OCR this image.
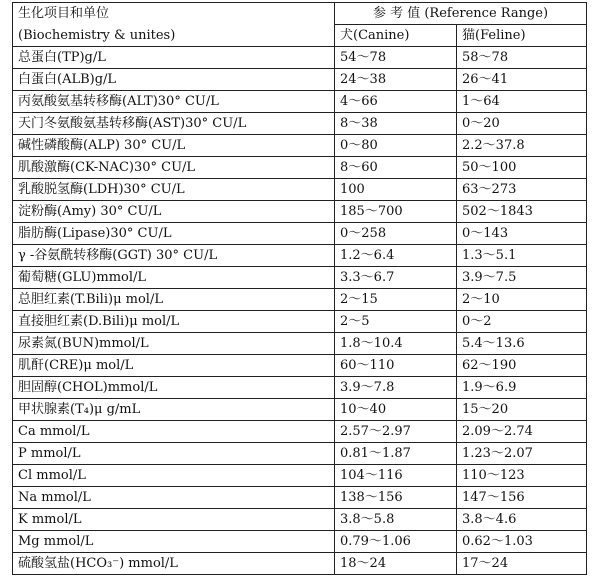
生化项目和单位	参 考 值 (Reference Range)	
(Biochemistry & unites)	犬(Canine)	猫(Feline)
总蛋白(TP)g/L	54～78	58～78
白蛋白(ALB)g/L	24～38	26～41
丙氨酸氨基转移酶(ALT)30° CU/L	4～66	1～64
天门冬氨酸氨基转移酶(AST)30° CU/L	8～38	0～20
碱性磷酸酶(ALP) 30° CU/L	0～80	2.2～37.8
肌酸激酶(CK-NAC)30° CU/L	8～60	50～100
乳酸脱氢酶(LDH)30° CU/L	100	63～273
淀粉酶(Amy) 30° CU/L	185～700	502～1843
脂肪酶(Lipase)30° CU/L	0～258	0～143
γ -谷氨酰转移酶(GGT) 30° CU/L	1.2～6.4	1.3～5.1
葡萄糖(GLU)mmol/L	3.3～6.7	3.9～7.5
总胆红素(T.Bili)μ mol/L	2～15	2～10
直接胆红素(D.Bili)μ mol/L	2～5	0～2
尿素氮(BUN)mmol/L	1.8～10.4	5.4～13.6
肌酐(CRE)μ mol/L	60～110	62～190
胆固醇(CHOL)mmol/L	3.9～7.8	1.9～6.9
甲状腺素(T₄)μ g/mL	10～40	15～20
Ca mmol/L	2.57～2.97	2.09～2.74
P mmol/L	0.81～1.87	1.23～2.07
Cl mmol/L	104～116	110～123
Na mmol/L	138～156	147～156
K mmol/L	3.8～5.8	3.8～4.6
Mg mmol/L	0.79～1.06	0.62～1.03
硫酸氢盐(HCO₃⁻) mmol/L	18～24	17～24
